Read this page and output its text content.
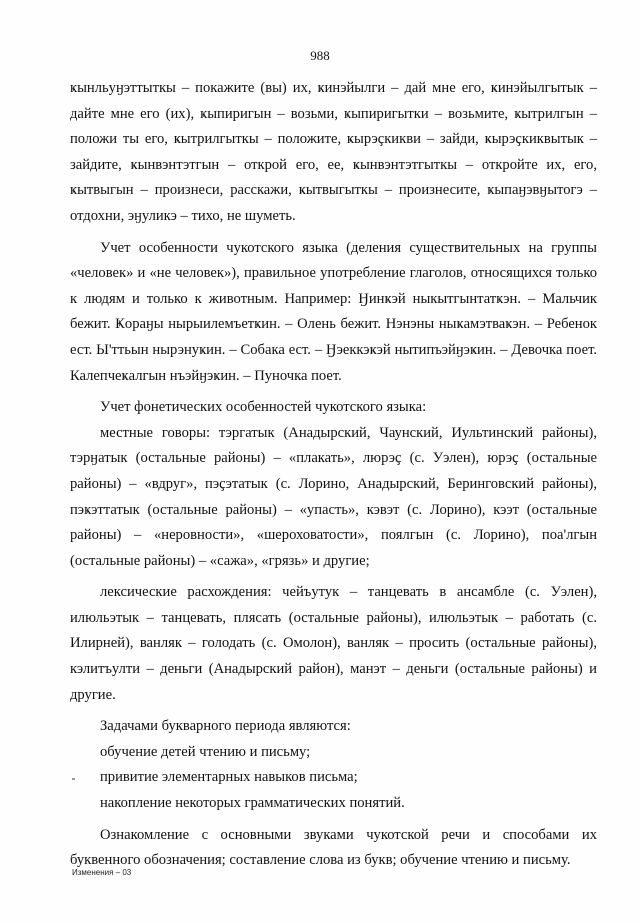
988

ҝынльуӈэттыткы – покажите (вы) их, ҝинэйылги – дай мне его, ҝинэйылгытык – дайте мне его (их), ҝыпиригын – возьми, ҝыпиригытки – возьмите, ҝытрилгын – положи ты его, ҝытрилгыткы – положите, ҝырэҫкикви – зайди, ҝырэҫкиквытык – зайдите, ҝынвэнтэтгын – открой его, ее, ҝынвэнтэтгыткы – откройте их, его, ҝытвыгын – произнеси, расскажи, ҝытвыгыткы – произнесите, ҝыпаӈэвӈытогэ – отдохни, эӈуликэ – тихо, не шуметь.

Учет особенности чукотского языка (деления существительных на группы «человек» и «не человек»), правильное употребление глаголов, относящихся только к людям и только к животным. Например: Ӈинҝэй ныкытгынтатҝэн. – Мальчик бежит. Ҝораӈы нырыилемъетҝин. – Олень бежит. Нэнэны ныҝамэтваҝэн. – Ребенок ест. Ы'ттьын нырэнуҝин. – Собака ест. – Ӈэеккэҝэй нытипъэйӈэҝин. – Девочка поет. Калепчеҝалгын нъэйӈэҝин. – Пуночка поет.

Учет фонетических особенностей чукотского языка:

местные говоры: тэргатык (Анадырский, Чаунский, Иультинский районы), тэрӈатык (остальные районы) – «плакать», люрэҫ (с. Уэлен), юрэҫ (остальные районы) – «вдруг», пэҫэтатык (с. Лорино, Анадырский, Беринговский районы), пэҝэттатык (остальные районы) – «упасть», кэвэт (с. Лорино), кээт (остальные районы) – «неровности», «шероховатости», поялгын (с. Лорино), поа'лгын (остальные районы) – «сажа», «грязь» и другие;

лексические расхождения: чейъутук – танцевать в ансамбле (с. Уэлен), илюльэтык – танцевать, плясать (остальные районы), илюльэтык – работать (с. Илирней), ванляк – голодать (с. Омолон), ванляк – просить (остальные районы), кэлитъулти – деньги (Анадырский район), манэт – деньги (остальные районы) и другие.

Задачами букварного периода являются:

обучение детей чтению и письму;

привитие элементарных навыков письма;

накопление некоторых грамматических понятий.

Ознакомление с основными звуками чукотской речи и способами их буквенного обозначения; составление слова из букв; обучение чтению и письму.

Изменения – 03
